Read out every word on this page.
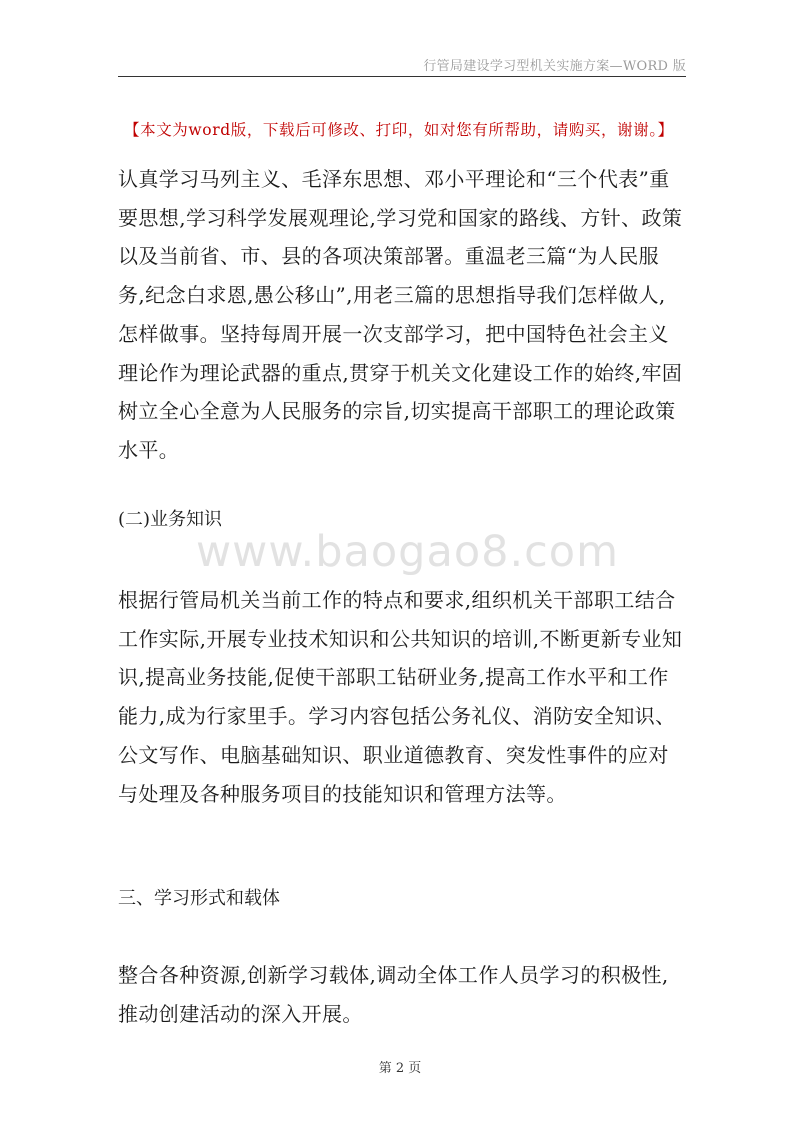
行管局建设学习型机关实施方案—WORD 版
【本文为word版，下载后可修改、打印，如对您有所帮助，请购买，谢谢。】

认真学习马列主义、毛泽东思想、邓小平理论和“三个代表”重要思想,学习科学发展观理论,学习党和国家的路线、方针、政策以及当前省、市、县的各项决策部署。重温老三篇“为人民服务,纪念白求恩,愚公移山”,用老三篇的思想指导我们怎样做人,怎样做事。坚持每周开展一次支部学习，把中国特色社会主义理论作为理论武器的重点,贯穿于机关文化建设工作的始终,牢固树立全心全意为人民服务的宗旨,切实提高干部职工的理论政策水平。

(二)业务知识
www.baogao8.com

根据行管局机关当前工作的特点和要求,组织机关干部职工结合工作实际,开展专业技术知识和公共知识的培训,不断更新专业知识,提高业务技能,促使干部职工钻研业务,提高工作水平和工作能力,成为行家里手。学习内容包括公务礼仪、消防安全知识、公文写作、电脑基础知识、职业道德教育、突发性事件的应对与处理及各种服务项目的技能知识和管理方法等。

三、学习形式和载体

整合各种资源,创新学习载体,调动全体工作人员学习的积极性,推动创建活动的深入开展。

第 2 页
